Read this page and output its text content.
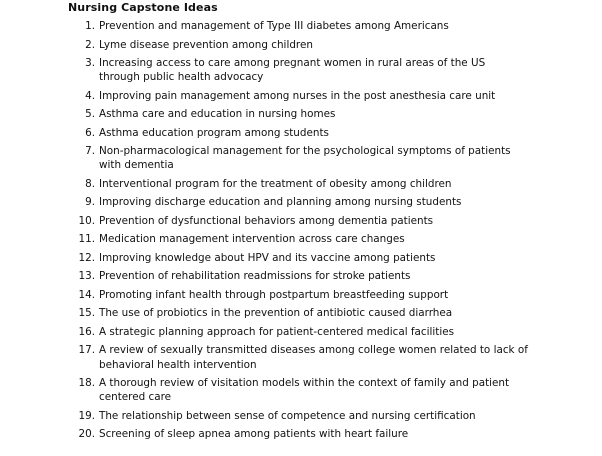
Nursing Capstone Ideas
1. Prevention and management of Type III diabetes among Americans
2. Lyme disease prevention among children
3. Increasing access to care among pregnant women in rural areas of the US through public health advocacy
4. Improving pain management among nurses in the post anesthesia care unit
5. Asthma care and education in nursing homes
6. Asthma education program among students
7. Non-pharmacological management for the psychological symptoms of patients with dementia
8. Interventional program for the treatment of obesity among children
9. Improving discharge education and planning among nursing students
10. Prevention of dysfunctional behaviors among dementia patients
11. Medication management intervention across care changes
12. Improving knowledge about HPV and its vaccine among patients
13. Prevention of rehabilitation readmissions for stroke patients
14. Promoting infant health through postpartum breastfeeding support
15. The use of probiotics in the prevention of antibiotic caused diarrhea
16. A strategic planning approach for patient-centered medical facilities
17. A review of sexually transmitted diseases among college women related to lack of behavioral health intervention
18. A thorough review of visitation models within the context of family and patient centered care
19. The relationship between sense of competence and nursing certification
20. Screening of sleep apnea among patients with heart failure
